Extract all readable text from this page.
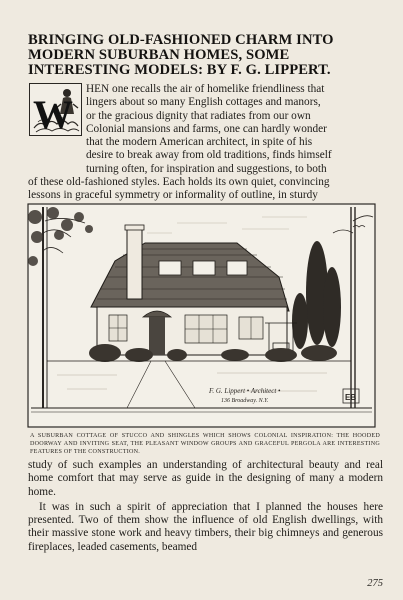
BRINGING OLD-FASHIONED CHARM INTO MODERN SUBURBAN HOMES, SOME INTERESTING MODELS: BY F. G. LIPPERT.
W
HEN one recalls the air of homelike friendliness that
lingers about so many English cottages and manors,
or the gracious dignity that radiates from our own
Colonial mansions and farms, one can hardly wonder
that the modern American architect, in spite of his
desire to break away from old traditions, finds himself
turning often, for inspiration and suggestions, to both
of these old-fashioned styles. Each holds its own quiet, convincing
lessons in graceful symmetry or informality of outline, in sturdy
F. G. Lippert • Architect •
136 Broadway. N.Y.	EB
A SUBURBAN COTTAGE OF STUCCO AND SHINGLES WHICH SHOWS COLONIAL INSPIRATION: THE HOODED DOORWAY AND INVITING SEAT, THE PLEASANT WINDOW GROUPS AND GRACEFUL PERGOLA ARE INTERESTING FEATURES OF THE CONSTRUCTION.

study of such examples an understanding of architectural beauty and real home comfort that may serve as guide in the designing of many a modern home.

It was in such a spirit of appreciation that I planned the houses here presented. Two of them show the influence of old English dwellings, with their massive stone work and heavy timbers, their big chimneys and generous fireplaces, leaded casements, beamed

275
